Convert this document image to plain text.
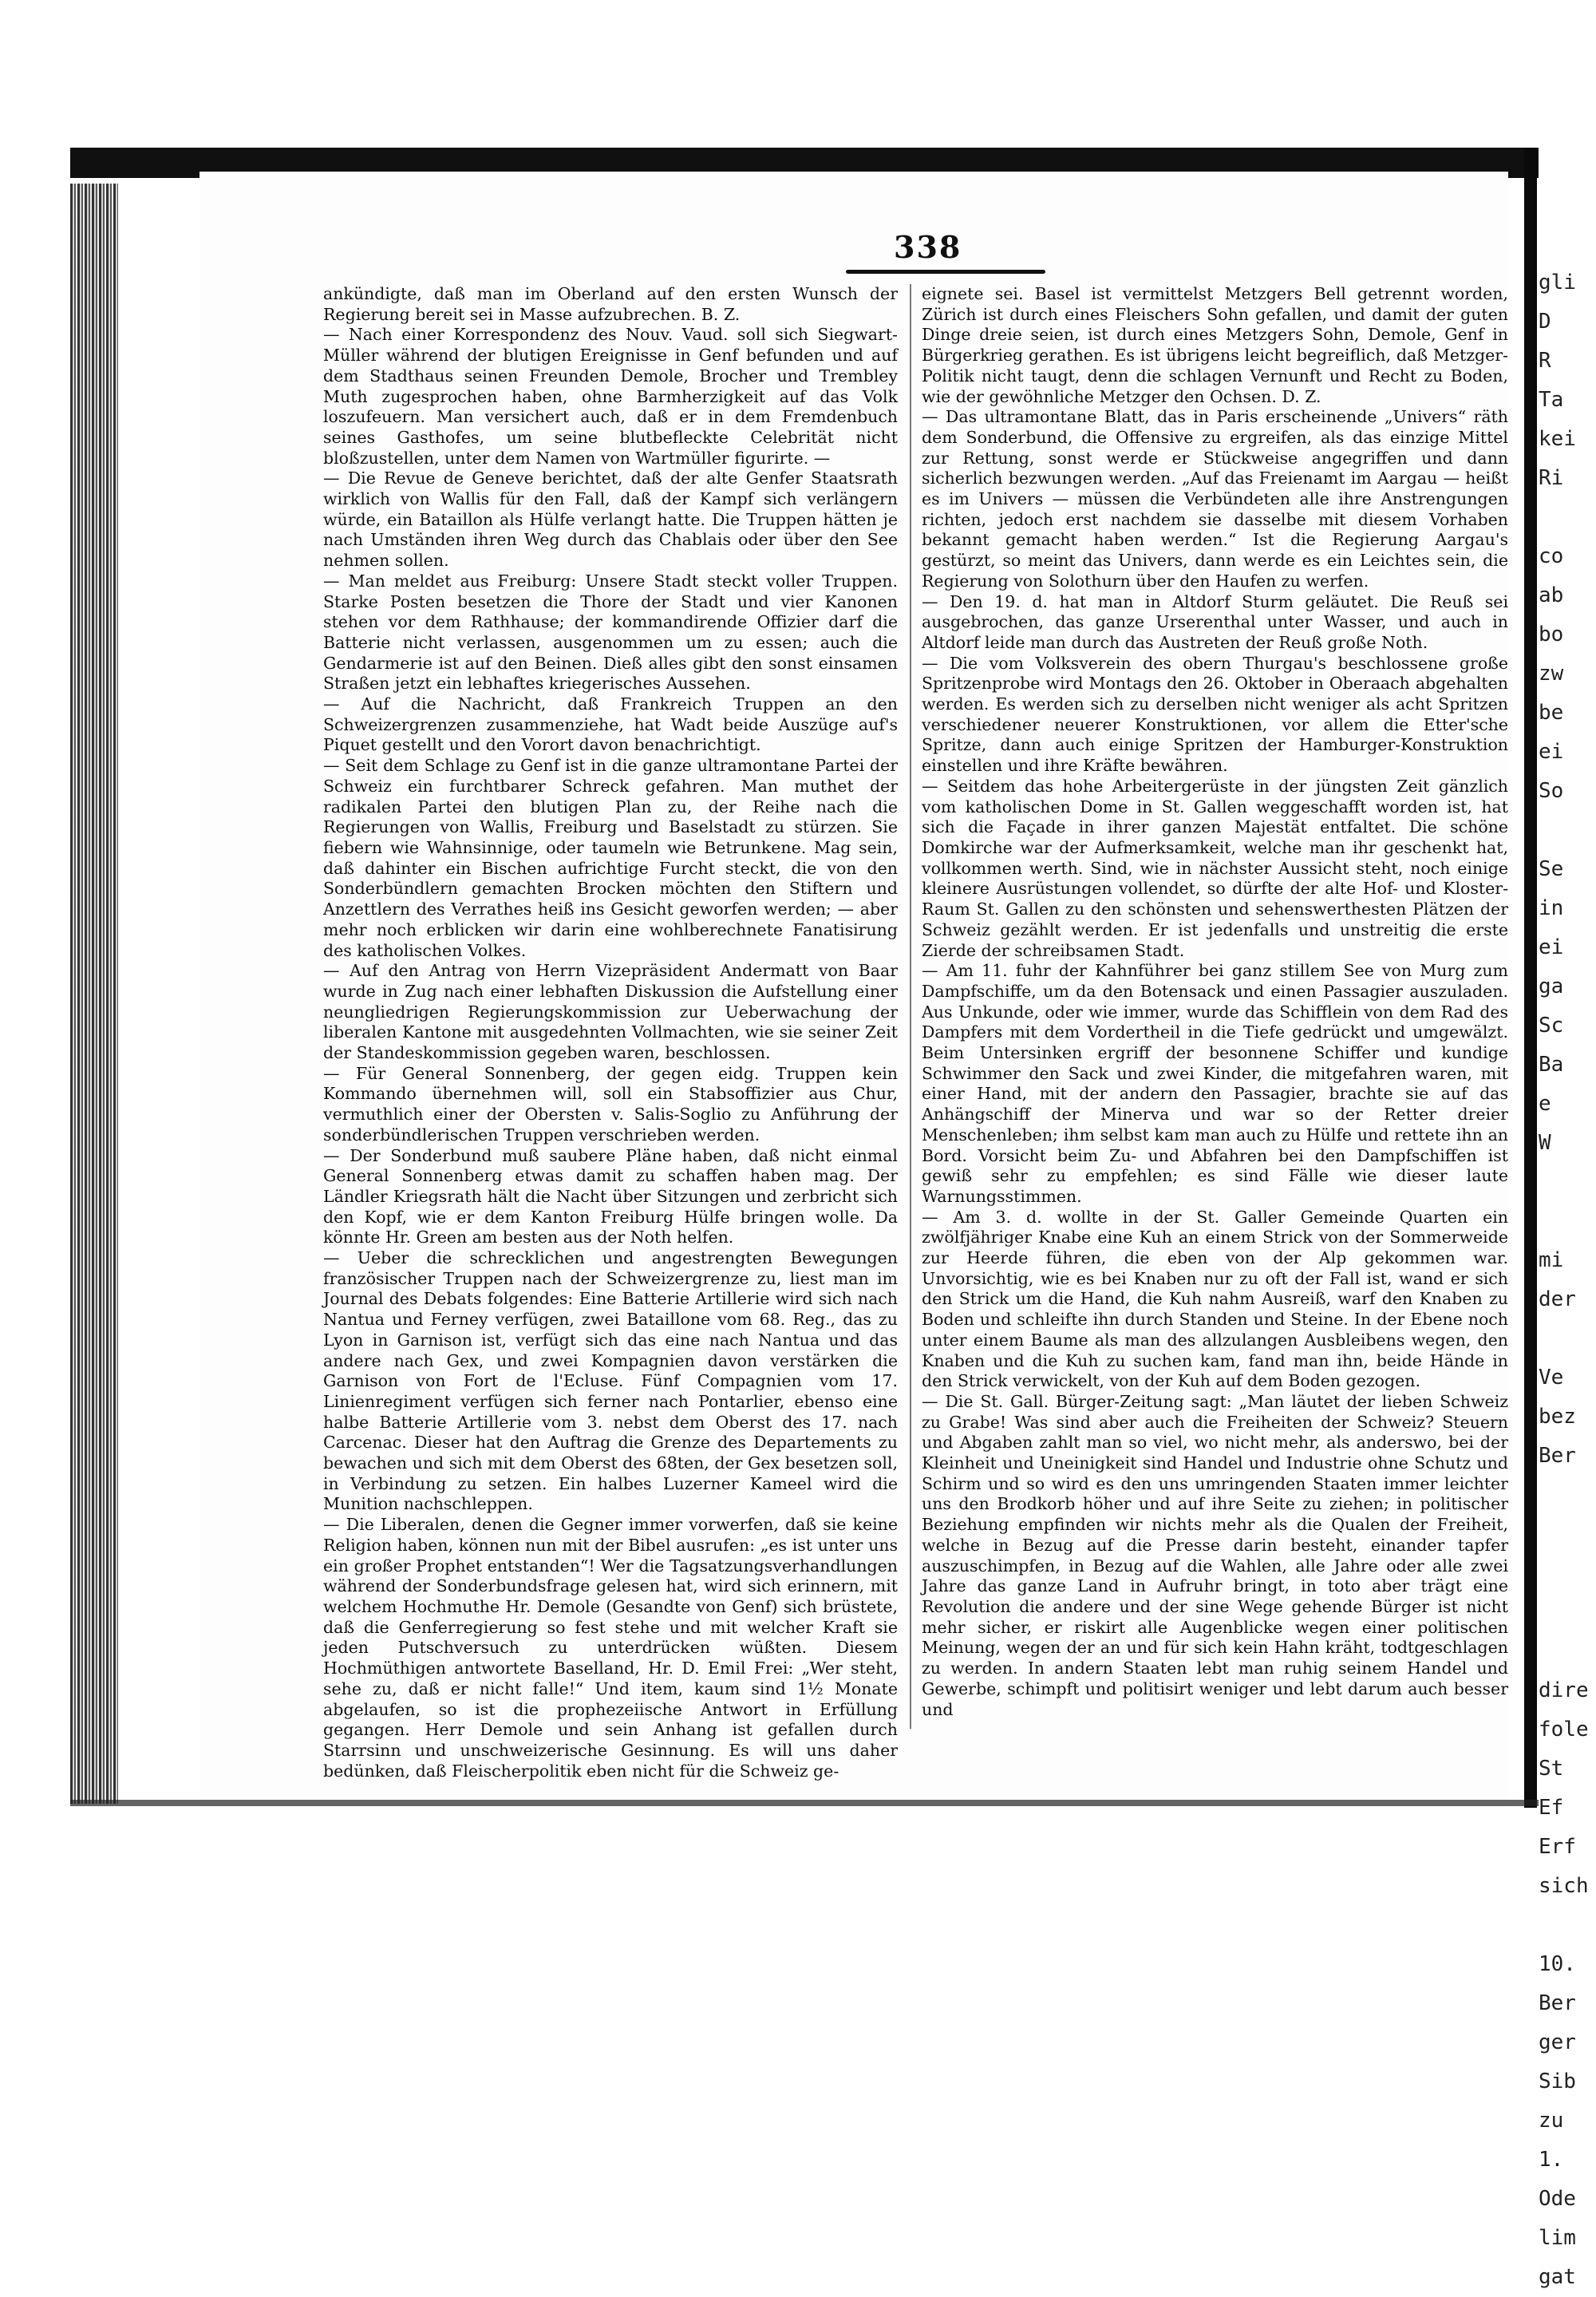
338

ankündigte, daß man im Oberland auf den ersten Wunsch der Regierung bereit sei in Masse aufzubrechen. B. Z.

— Nach einer Korrespondenz des Nouv. Vaud. soll sich Siegwart-Müller während der blutigen Ereignisse in Genf befunden und auf dem Stadthaus seinen Freunden Demole, Brocher und Trembley Muth zugesprochen haben, ohne Barmherzigkeit auf das Volk loszufeuern. Man versichert auch, daß er in dem Fremdenbuch seines Gasthofes, um seine blutbefleckte Celebrität nicht bloßzustellen, unter dem Namen von Wartmüller figurirte. —

— Die Revue de Geneve berichtet, daß der alte Genfer Staatsrath wirklich von Wallis für den Fall, daß der Kampf sich verlängern würde, ein Bataillon als Hülfe verlangt hatte. Die Truppen hätten je nach Umständen ihren Weg durch das Chablais oder über den See nehmen sollen.

— Man meldet aus Freiburg: Unsere Stadt steckt voller Truppen. Starke Posten besetzen die Thore der Stadt und vier Kanonen stehen vor dem Rathhause; der kommandirende Offizier darf die Batterie nicht verlassen, ausgenommen um zu essen; auch die Gendarmerie ist auf den Beinen. Dieß alles gibt den sonst einsamen Straßen jetzt ein lebhaftes kriegerisches Aussehen.

— Auf die Nachricht, daß Frankreich Truppen an den Schweizergrenzen zusammenziehe, hat Wadt beide Auszüge auf's Piquet gestellt und den Vorort davon benachrichtigt.

— Seit dem Schlage zu Genf ist in die ganze ultramontane Partei der Schweiz ein furchtbarer Schreck gefahren. Man muthet der radikalen Partei den blutigen Plan zu, der Reihe nach die Regierungen von Wallis, Freiburg und Baselstadt zu stürzen. Sie fiebern wie Wahnsinnige, oder taumeln wie Betrunkene. Mag sein, daß dahinter ein Bischen aufrichtige Furcht steckt, die von den Sonderbündlern gemachten Brocken möchten den Stiftern und Anzettlern des Verrathes heiß ins Gesicht geworfen werden; — aber mehr noch erblicken wir darin eine wohlberechnete Fanatisirung des katholischen Volkes.

— Auf den Antrag von Herrn Vizepräsident Andermatt von Baar wurde in Zug nach einer lebhaften Diskussion die Aufstellung einer neungliedrigen Regierungskommission zur Ueberwachung der liberalen Kantone mit ausgedehnten Vollmachten, wie sie seiner Zeit der Standeskommission gegeben waren, beschlossen.

— Für General Sonnenberg, der gegen eidg. Truppen kein Kommando übernehmen will, soll ein Stabsoffizier aus Chur, vermuthlich einer der Obersten v. Salis-Soglio zu Anführung der sonderbündlerischen Truppen verschrieben werden.

— Der Sonderbund muß saubere Pläne haben, daß nicht einmal General Sonnenberg etwas damit zu schaffen haben mag. Der Ländler Kriegsrath hält die Nacht über Sitzungen und zerbricht sich den Kopf, wie er dem Kanton Freiburg Hülfe bringen wolle. Da könnte Hr. Green am besten aus der Noth helfen.

— Ueber die schrecklichen und angestrengten Bewegungen französischer Truppen nach der Schweizergrenze zu, liest man im Journal des Debats folgendes: Eine Batterie Artillerie wird sich nach Nantua und Ferney verfügen, zwei Bataillone vom 68. Reg., das zu Lyon in Garnison ist, verfügt sich das eine nach Nantua und das andere nach Gex, und zwei Kompagnien davon verstärken die Garnison von Fort de l'Ecluse. Fünf Compagnien vom 17. Linienregiment verfügen sich ferner nach Pontarlier, ebenso eine halbe Batterie Artillerie vom 3. nebst dem Oberst des 17. nach Carcenac. Dieser hat den Auftrag die Grenze des Departements zu bewachen und sich mit dem Oberst des 68ten, der Gex besetzen soll, in Verbindung zu setzen. Ein halbes Luzerner Kameel wird die Munition nachschleppen.

— Die Liberalen, denen die Gegner immer vorwerfen, daß sie keine Religion haben, können nun mit der Bibel ausrufen: „es ist unter uns ein großer Prophet entstanden“! Wer die Tagsatzungsverhandlungen während der Sonderbundsfrage gelesen hat, wird sich erinnern, mit welchem Hochmuthe Hr. Demole (Gesandte von Genf) sich brüstete, daß die Genferregierung so fest stehe und mit welcher Kraft sie jeden Putschversuch zu unterdrücken wüßten. Diesem Hochmüthigen antwortete Baselland, Hr. D. Emil Frei: „Wer steht, sehe zu, daß er nicht falle!“ Und item, kaum sind 1½ Monate abgelaufen, so ist die prophezeiische Antwort in Erfüllung gegangen. Herr Demole und sein Anhang ist gefallen durch Starrsinn und unschweizerische Gesinnung. Es will uns daher bedünken, daß Fleischerpolitik eben nicht für die Schweiz ge-

eignete sei. Basel ist vermittelst Metzgers Bell getrennt worden, Zürich ist durch eines Fleischers Sohn gefallen, und damit der guten Dinge dreie seien, ist durch eines Metzgers Sohn, Demole, Genf in Bürgerkrieg gerathen. Es ist übrigens leicht begreiflich, daß Metzger-Politik nicht taugt, denn die schlagen Vernunft und Recht zu Boden, wie der gewöhnliche Metzger den Ochsen. D. Z.

— Das ultramontane Blatt, das in Paris erscheinende „Univers“ räth dem Sonderbund, die Offensive zu ergreifen, als das einzige Mittel zur Rettung, sonst werde er Stückweise angegriffen und dann sicherlich bezwungen werden. „Auf das Freienamt im Aargau — heißt es im Univers — müssen die Verbündeten alle ihre Anstrengungen richten, jedoch erst nachdem sie dasselbe mit diesem Vorhaben bekannt gemacht haben werden.“ Ist die Regierung Aargau's gestürzt, so meint das Univers, dann werde es ein Leichtes sein, die Regierung von Solothurn über den Haufen zu werfen.

— Den 19. d. hat man in Altdorf Sturm geläutet. Die Reuß sei ausgebrochen, das ganze Urserenthal unter Wasser, und auch in Altdorf leide man durch das Austreten der Reuß große Noth.

— Die vom Volksverein des obern Thurgau's beschlossene große Spritzenprobe wird Montags den 26. Oktober in Oberaach abgehalten werden. Es werden sich zu derselben nicht weniger als acht Spritzen verschiedener neuerer Konstruktionen, vor allem die Etter'sche Spritze, dann auch einige Spritzen der Hamburger-Konstruktion einstellen und ihre Kräfte bewähren.

— Seitdem das hohe Arbeitergerüste in der jüngsten Zeit gänzlich vom katholischen Dome in St. Gallen weggeschafft worden ist, hat sich die Façade in ihrer ganzen Majestät entfaltet. Die schöne Domkirche war der Aufmerksamkeit, welche man ihr geschenkt hat, vollkommen werth. Sind, wie in nächster Aussicht steht, noch einige kleinere Ausrüstungen vollendet, so dürfte der alte Hof- und Kloster-Raum St. Gallen zu den schönsten und sehenswerthesten Plätzen der Schweiz gezählt werden. Er ist jedenfalls und unstreitig die erste Zierde der schreibsamen Stadt.

— Am 11. fuhr der Kahnführer bei ganz stillem See von Murg zum Dampfschiffe, um da den Botensack und einen Passagier auszuladen. Aus Unkunde, oder wie immer, wurde das Schifflein von dem Rad des Dampfers mit dem Vordertheil in die Tiefe gedrückt und umgewälzt. Beim Untersinken ergriff der besonnene Schiffer und kundige Schwimmer den Sack und zwei Kinder, die mitgefahren waren, mit einer Hand, mit der andern den Passagier, brachte sie auf das Anhängschiff der Minerva und war so der Retter dreier Menschenleben; ihm selbst kam man auch zu Hülfe und rettete ihn an Bord. Vorsicht beim Zu- und Abfahren bei den Dampfschiffen ist gewiß sehr zu empfehlen; es sind Fälle wie dieser laute Warnungsstimmen.

— Am 3. d. wollte in der St. Galler Gemeinde Quarten ein zwölfjähriger Knabe eine Kuh an einem Strick von der Sommerweide zur Heerde führen, die eben von der Alp gekommen war. Unvorsichtig, wie es bei Knaben nur zu oft der Fall ist, wand er sich den Strick um die Hand, die Kuh nahm Ausreiß, warf den Knaben zu Boden und schleifte ihn durch Standen und Steine. In der Ebene noch unter einem Baume als man des allzulangen Ausbleibens wegen, den Knaben und die Kuh zu suchen kam, fand man ihn, beide Hände in den Strick verwickelt, von der Kuh auf dem Boden gezogen.

— Die St. Gall. Bürger-Zeitung sagt: „Man läutet der lieben Schweiz zu Grabe! Was sind aber auch die Freiheiten der Schweiz? Steuern und Abgaben zahlt man so viel, wo nicht mehr, als anderswo, bei der Kleinheit und Uneinigkeit sind Handel und Industrie ohne Schutz und Schirm und so wird es den uns umringenden Staaten immer leichter uns den Brodkorb höher und auf ihre Seite zu ziehen; in politischer Beziehung empfinden wir nichts mehr als die Qualen der Freiheit, welche in Bezug auf die Presse darin besteht, einander tapfer auszuschimpfen, in Bezug auf die Wahlen, alle Jahre oder alle zwei Jahre das ganze Land in Aufruhr bringt, in toto aber trägt eine Revolution die andere und der sine Wege gehende Bürger ist nicht mehr sicher, er riskirt alle Augenblicke wegen einer politischen Meinung, wegen der an und für sich kein Hahn kräht, todtgeschlagen zu werden. In andern Staaten lebt man ruhig seinem Handel und Gewerbe, schimpft und politisirt weniger und lebt darum auch besser und

gli
D
R
Ta
kei
Ri
co
ab
bo
zw
be
ei
So
Se
in
ei
ga
Sc
Ba
e
W
mi
der
Ve
bez
Ber
dire
fole
St
Ef
Erf
sich
10.
Ber
ger
Sib
zu
1.
Ode
lim
gat
